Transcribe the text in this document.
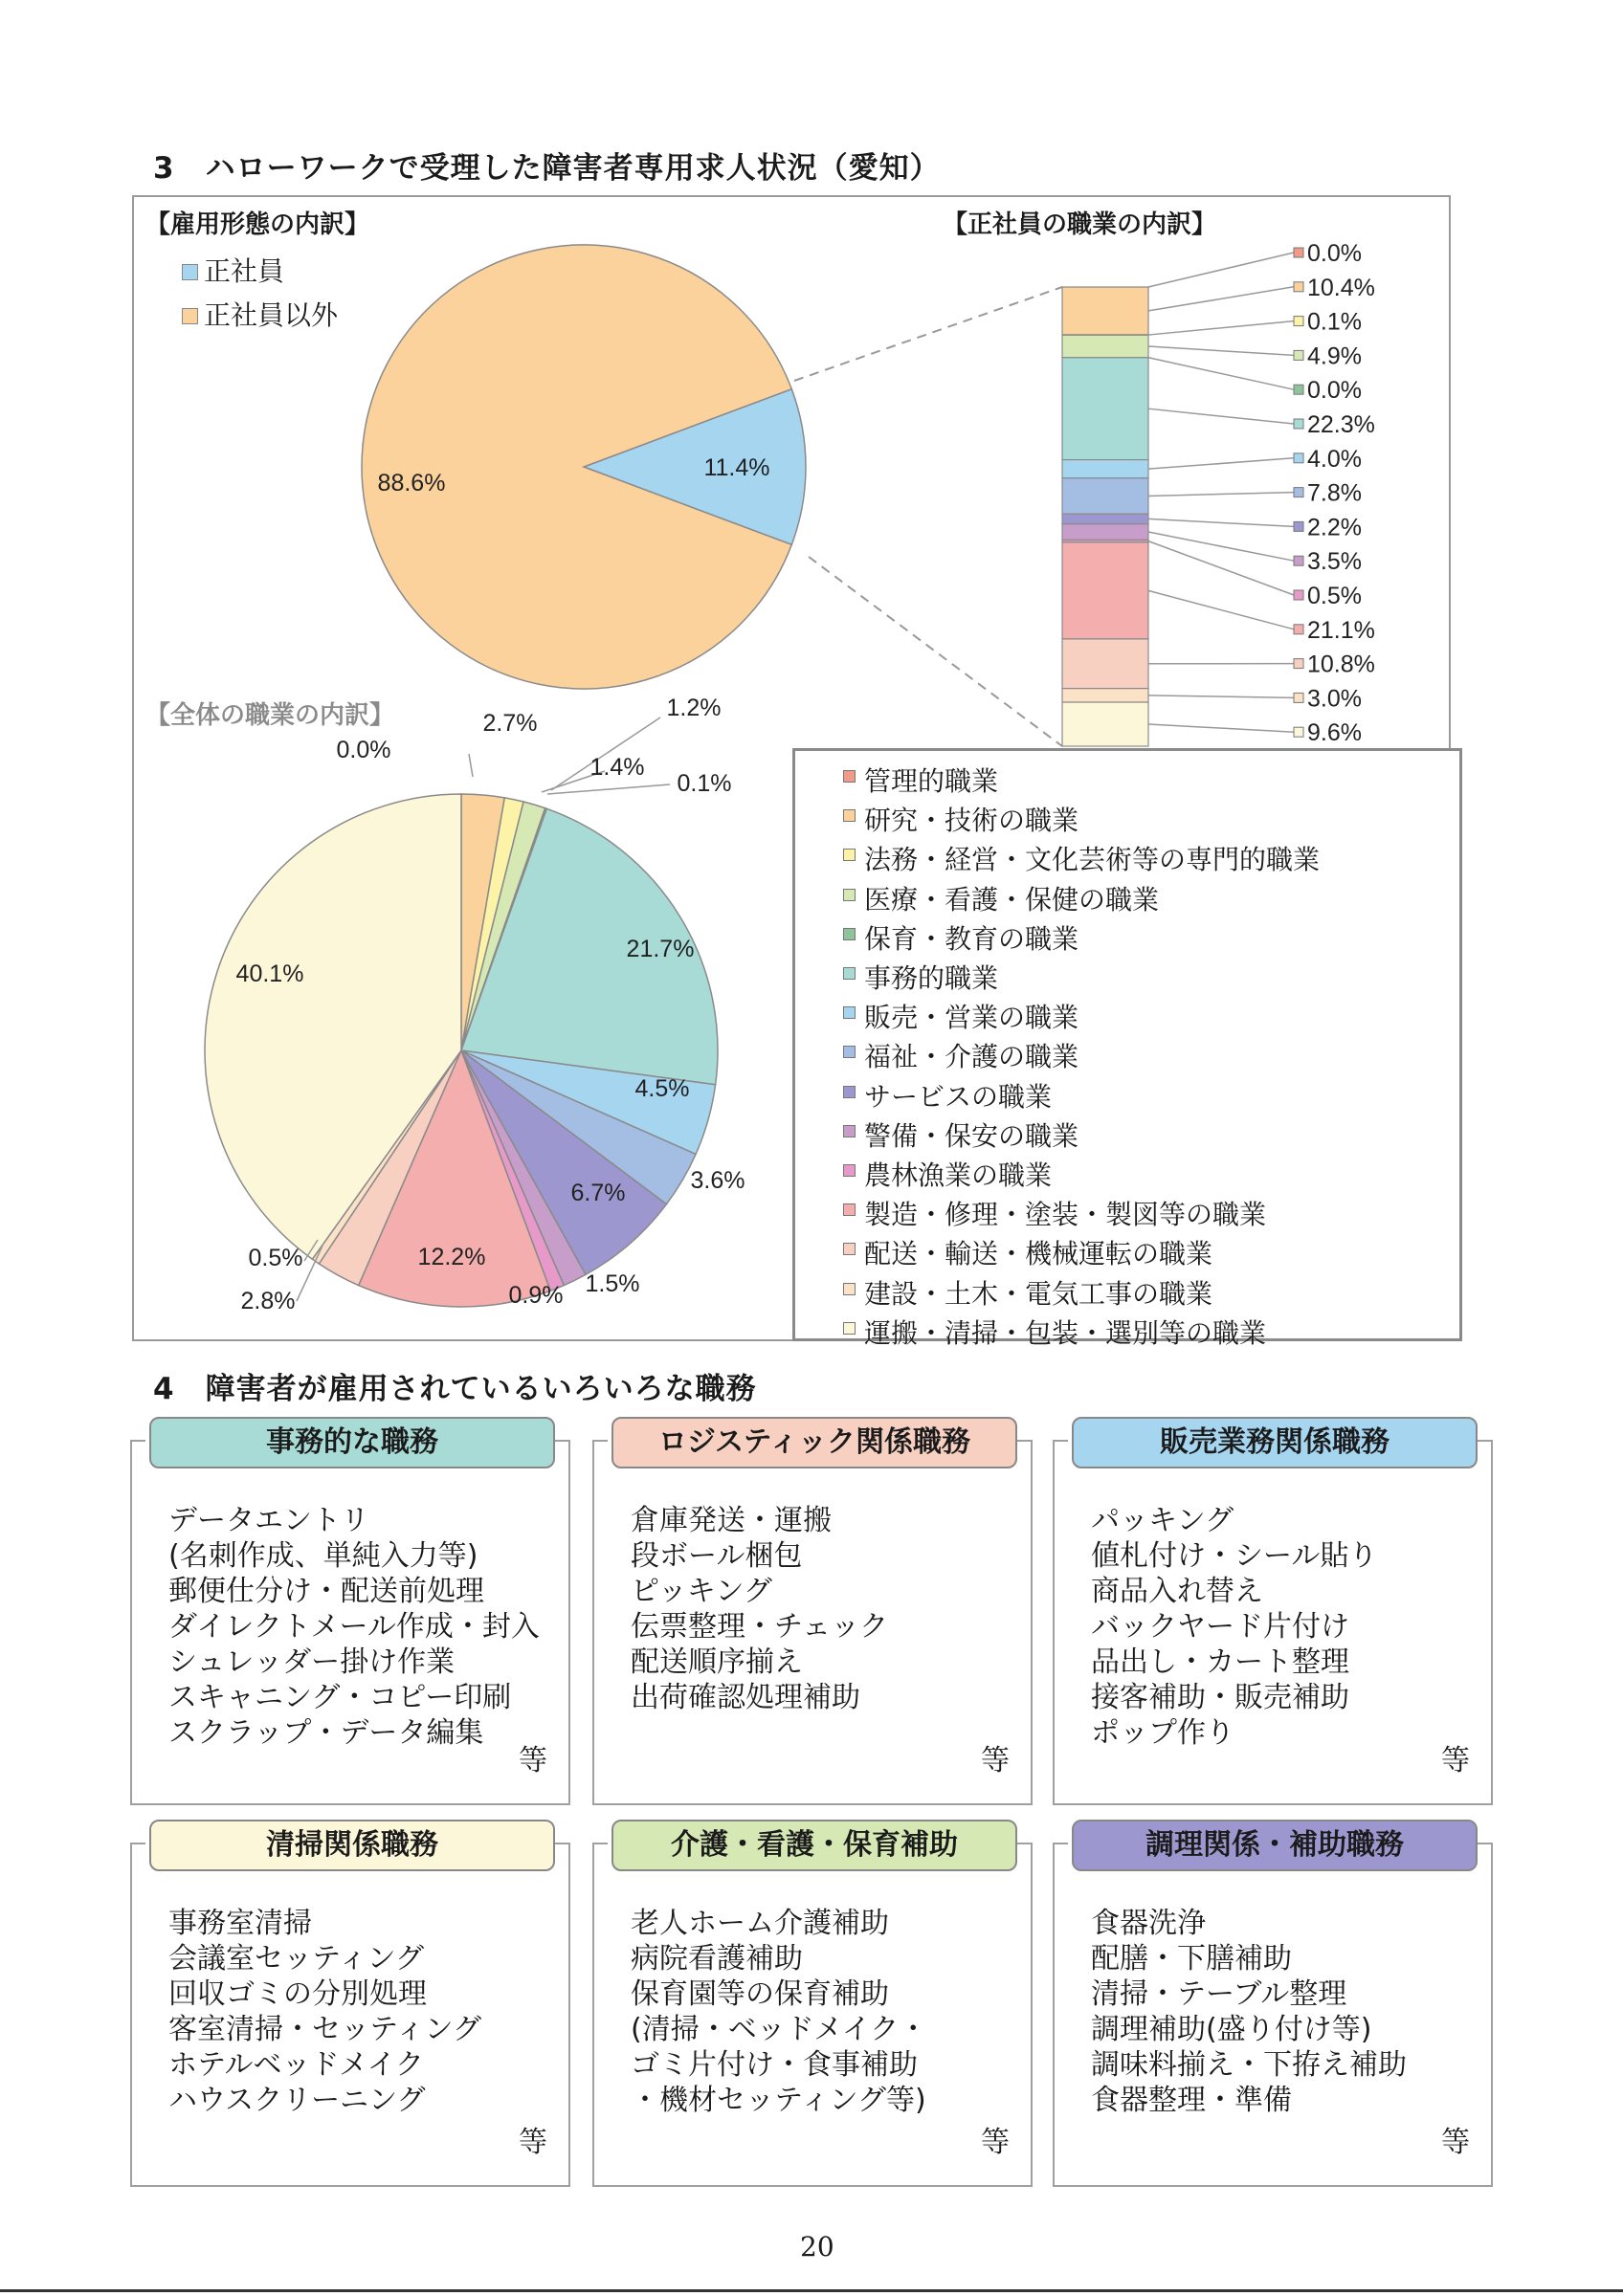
3　ハローワークで受理した障害者専用求人状況（愛知）
【雇用形態の内訳】	【正社員の職業の内訳】
【全体の職業の内訳】
正社員
正社員以外
11.4%
88.6%
0.0%
10.4%
0.1%
4.9%
0.0%
22.3%
4.0%
7.8%
2.2%
3.5%
0.5%
21.1%
10.8%
3.0%
9.6%
0.0%
2.7%
1.2%
1.4%
0.1%
21.7%
4.5%
3.6%
6.7%
1.5%
0.9%
12.2%
2.8%
0.5%
40.1%
管理的職業
研究・技術の職業
法務・経営・文化芸術等の専門的職業
医療・看護・保健の職業
保育・教育の職業
事務的職業
販売・営業の職業
福祉・介護の職業
サービスの職業
警備・保安の職業
農林漁業の職業
製造・修理・塗装・製図等の職業
配送・輸送・機械運転の職業
建設・土木・電気工事の職業
運搬・清掃・包装・選別等の職業
4　障害者が雇用されているいろいろな職務
事務的な職務
データエントリ
(名刺作成、単純入力等)
郵便仕分け・配送前処理
ダイレクトメール作成・封入
シュレッダー掛け作業
スキャニング・コピー印刷
スクラップ・データ編集
等
ロジスティック関係職務
倉庫発送・運搬
段ボール梱包
ピッキング
伝票整理・チェック
配送順序揃え
出荷確認処理補助
等
販売業務関係職務
パッキング
値札付け・シール貼り
商品入れ替え
バックヤード片付け
品出し・カート整理
接客補助・販売補助
ポップ作り
等
清掃関係職務
事務室清掃
会議室セッティング
回収ゴミの分別処理
客室清掃・セッティング
ホテルベッドメイク
ハウスクリーニング
等
介護・看護・保育補助
老人ホーム介護補助
病院看護補助
保育園等の保育補助
(清掃・ベッドメイク・
ゴミ片付け・食事補助
・機材セッティング等)
等
調理関係・補助職務
食器洗浄
配膳・下膳補助
清掃・テーブル整理
調理補助(盛り付け等)
調味料揃え・下拵え補助
食器整理・準備
等
20
